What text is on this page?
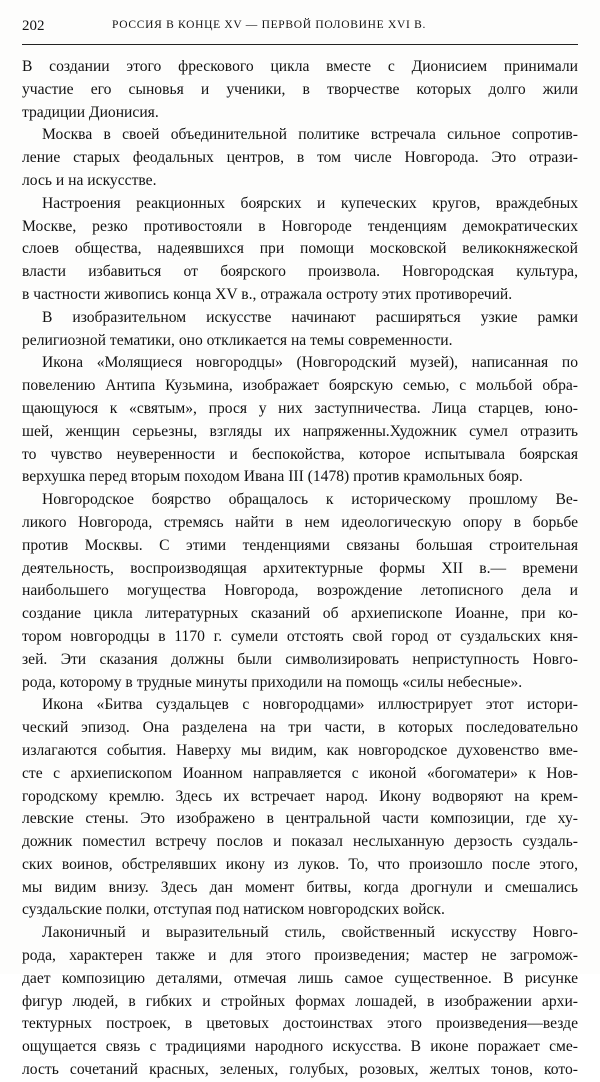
202	РОССИЯ В КОНЦЕ XV — ПЕРВОЙ ПОЛОВИНЕ XVI В.

В создании этого фрескового цикла вместе с Дионисием принимали
участие его сыновья и ученики, в творчестве которых долго жили
традиции Дионисия.

Москва в своей объединительной политике встречала сильное сопротив-
ление старых феодальных центров, в том числе Новгорода. Это отрази-
лось и на искусстве.

Настроения реакционных боярских и купеческих кругов, враждебных
Москве, резко противостояли в Новгороде тенденциям демократических
слоев общества, надеявшихся при помощи московской великокняжеской
власти избавиться от боярского произвола. Новгородская культура,
в частности живопись конца XV в., отражала остроту этих противоречий.

В изобразительном искусстве начинают расширяться узкие рамки
религиозной тематики, оно откликается на темы современности.

Икона «Молящиеся новгородцы» (Новгородский музей), написанная по
повелению Антипа Кузьмина, изображает боярскую семью, с мольбой обра-
щающуюся к «святым», прося у них заступничества. Лица старцев, юно-
шей, женщин серьезны, взгляды их напряженны.Художник сумел отразить
то чувство неуверенности и беспокойства, которое испытывала боярская
верхушка перед вторым походом Ивана III (1478) против крамольных бояр.

Новгородское боярство обращалось к историческому прошлому Ве-
ликого Новгорода, стремясь найти в нем идеологическую опору в борьбе
против Москвы. С этими тенденциями связаны большая строительная
деятельность, воспроизводящая архитектурные формы XII в.— времени
наибольшего могущества Новгорода, возрождение летописного дела и
создание цикла литературных сказаний об архиепископе Иоанне, при ко-
тором новгородцы в 1170 г. сумели отстоять свой город от суздальских кня-
зей. Эти сказания должны были символизировать неприступность Новго-
рода, которому в трудные минуты приходили на помощь «силы небесные».

Икона «Битва суздальцев с новгородцами» иллюстрирует этот истори-
ческий эпизод. Она разделена на три части, в которых последовательно
излагаются события. Наверху мы видим, как новгородское духовенство вме-
сте с архиепископом Иоанном направляется с иконой «богоматери» к Нов-
городскому кремлю. Здесь их встречает народ. Икону водворяют на крем-
левские стены. Это изображено в центральной части композиции, где ху-
дожник поместил встречу послов и показал неслыханную дерзость суздаль-
ских воинов, обстрелявших икону из луков. То, что произошло после этого,
мы видим внизу. Здесь дан момент битвы, когда дрогнули и смешались
суздальские полки, отступая под натиском новгородских войск.

Лаконичный и выразительный стиль, свойственный искусству Новго-
рода, характерен также и для этого произведения; мастер не загромож-
дает композицию деталями, отмечая лишь самое существенное. В рисунке
фигур людей, в гибких и стройных формах лошадей, в изображении архи-
тектурных построек, в цветовых достоинствах этого произведения—везде
ощущается связь с традициями народного искусства. В иконе поражает сме-
лость сочетаний красных, зеленых, голубых, розовых, желтых тонов, кото-
